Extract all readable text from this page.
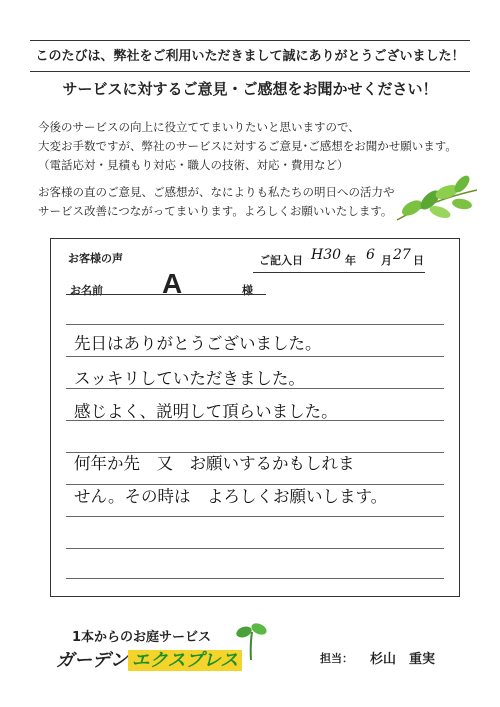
このたびは、弊社をご利用いただきまして誠にありがとうございました！
サービスに対するご意見・ご感想をお聞かせください！
今後のサービスの向上に役立ててまいりたいと思いますので、
大変お手数ですが、弊社のサービスに対するご意見･ご感想をお聞かせ願います。
（電話応対・見積もり対応・職人の技術、対応・費用など）
お客様の直のご意見、ご感想が、なによりも私たちの明日への活力や
サービス改善につながってまいります。よろしくお願いいたします。
お客様の声	ご記入日 H30 年 6 月 27 日
お名前 A	様
先日はありがとうございました。
スッキリしていただきました。
感じよく、説明して頂らいました。
何年か先　又　お願いするかもしれま
せん。その時は　よろしくお願いします。
1本からのお庭サービス
ガーデン エクスプレス	担当： 杉山　重実
